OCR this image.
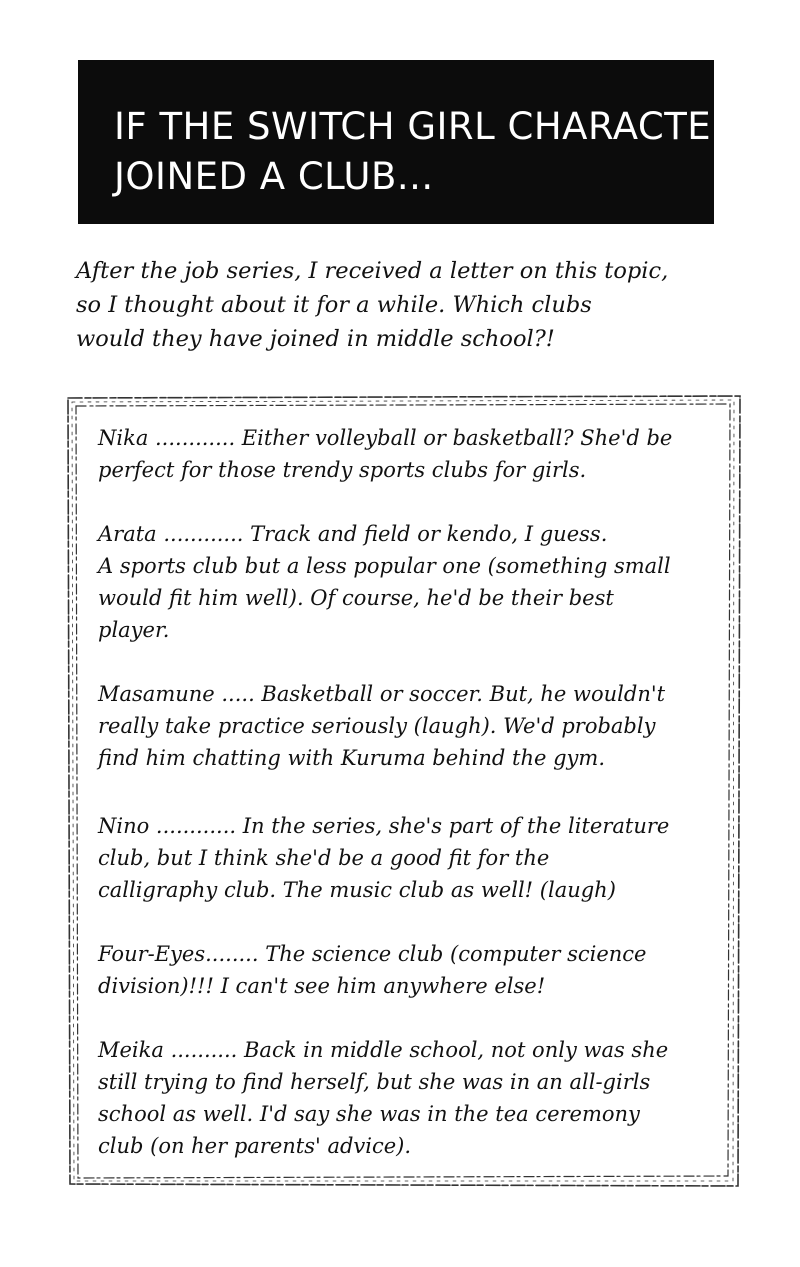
IF THE SWITCH GIRL CHARACTERS
JOINED A CLUB...
After the job series, I received a letter on this topic,
so I thought about it for a while. Which clubs
would they have joined in middle school?!
Nika ............ Either volleyball or basketball? She'd be
perfect for those trendy sports clubs for girls.
Arata ............ Track and field or kendo, I guess.
A sports club but a less popular one (something small
would fit him well). Of course, he'd be their best
player.
Masamune ..... Basketball or soccer. But, he wouldn't
really take practice seriously (laugh). We'd probably
find him chatting with Kuruma behind the gym.
Nino ............ In the series, she's part of the literature
club, but I think she'd be a good fit for the
calligraphy club. The music club as well! (laugh)
Four-Eyes........ The science club (computer science
division)!!! I can't see him anywhere else!
Meika .......... Back in middle school, not only was she
still trying to find herself, but she was in an all-girls
school as well. I'd say she was in the tea ceremony
club (on her parents' advice).
